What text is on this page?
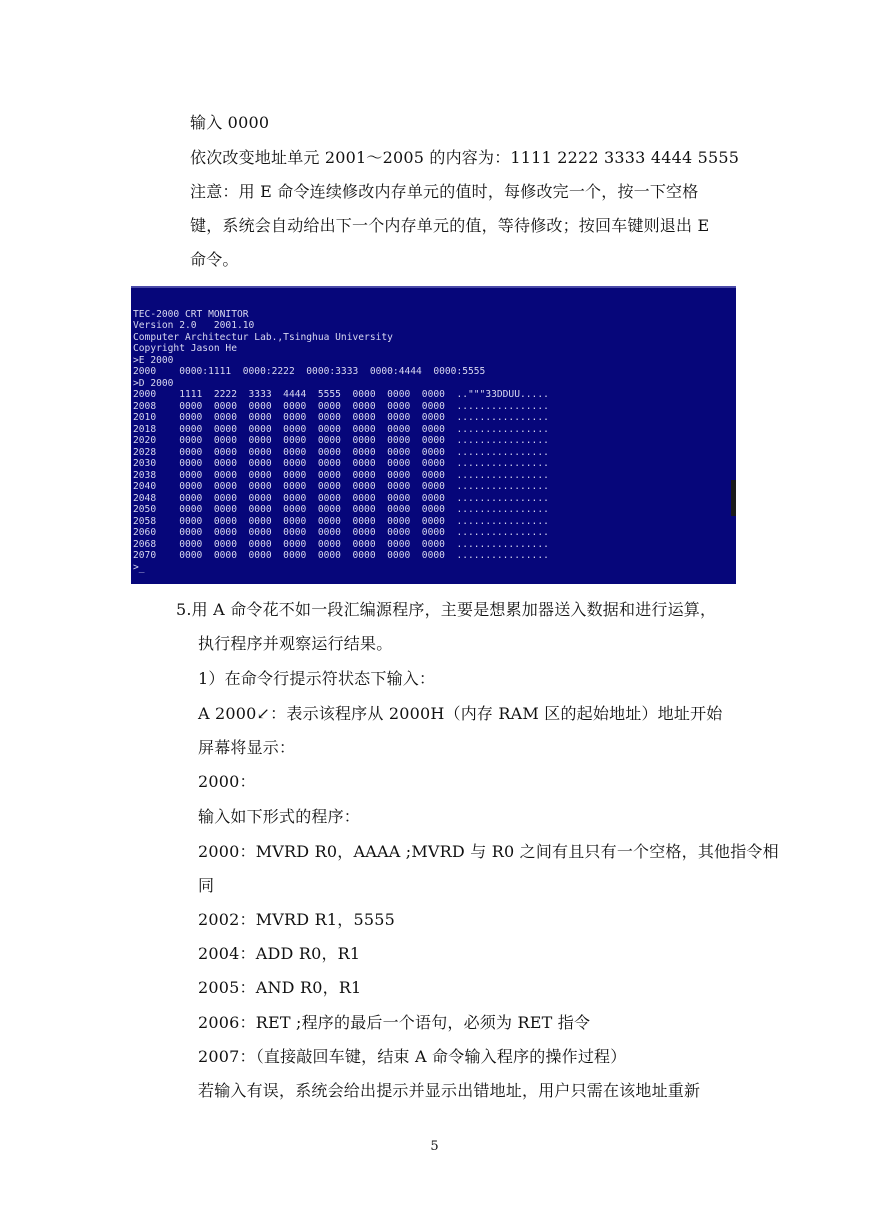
输入 0000
依次改变地址单元 2001～2005 的内容为：1111 2222 3333 4444 5555
注意：用 E 命令连续修改内存单元的值时，每修改完一个，按一下空格
键，系统会自动给出下一个内存单元的值，等待修改；按回车键则退出 E
命令。
TEC-2000 CRT MONITOR
Version 2.0   2001.10
Computer Architectur Lab.,Tsinghua University
Copyright Jason He
>E 2000
2000    0000:1111  0000:2222  0000:3333  0000:4444  0000:5555
>D 2000
2000    1111  2222  3333  4444  5555  0000  0000  0000  .."""33DDUU.....
2008    0000  0000  0000  0000  0000  0000  0000  0000  ................
2010    0000  0000  0000  0000  0000  0000  0000  0000  ................
2018    0000  0000  0000  0000  0000  0000  0000  0000  ................
2020    0000  0000  0000  0000  0000  0000  0000  0000  ................
2028    0000  0000  0000  0000  0000  0000  0000  0000  ................
2030    0000  0000  0000  0000  0000  0000  0000  0000  ................
2038    0000  0000  0000  0000  0000  0000  0000  0000  ................
2040    0000  0000  0000  0000  0000  0000  0000  0000  ................
2048    0000  0000  0000  0000  0000  0000  0000  0000  ................
2050    0000  0000  0000  0000  0000  0000  0000  0000  ................
2058    0000  0000  0000  0000  0000  0000  0000  0000  ................
2060    0000  0000  0000  0000  0000  0000  0000  0000  ................
2068    0000  0000  0000  0000  0000  0000  0000  0000  ................
2070    0000  0000  0000  0000  0000  0000  0000  0000  ................
>_
5.用 A 命令花不如一段汇编源程序，主要是想累加器送入数据和进行运算，
执行程序并观察运行结果。
1）在命令行提示符状态下输入：
A 2000↙：表示该程序从 2000H（内存 RAM 区的起始地址）地址开始
屏幕将显示：
2000：
输入如下形式的程序：
2000：MVRD R0，AAAA ;MVRD 与 R0 之间有且只有一个空格，其他指令相
同
2002：MVRD R1，5555
2004：ADD R0，R1
2005：AND R0，R1
2006：RET ;程序的最后一个语句，必须为 RET 指令
2007：（直接敲回车键，结束 A 命令输入程序的操作过程）
若输入有误，系统会给出提示并显示出错地址，用户只需在该地址重新
5
